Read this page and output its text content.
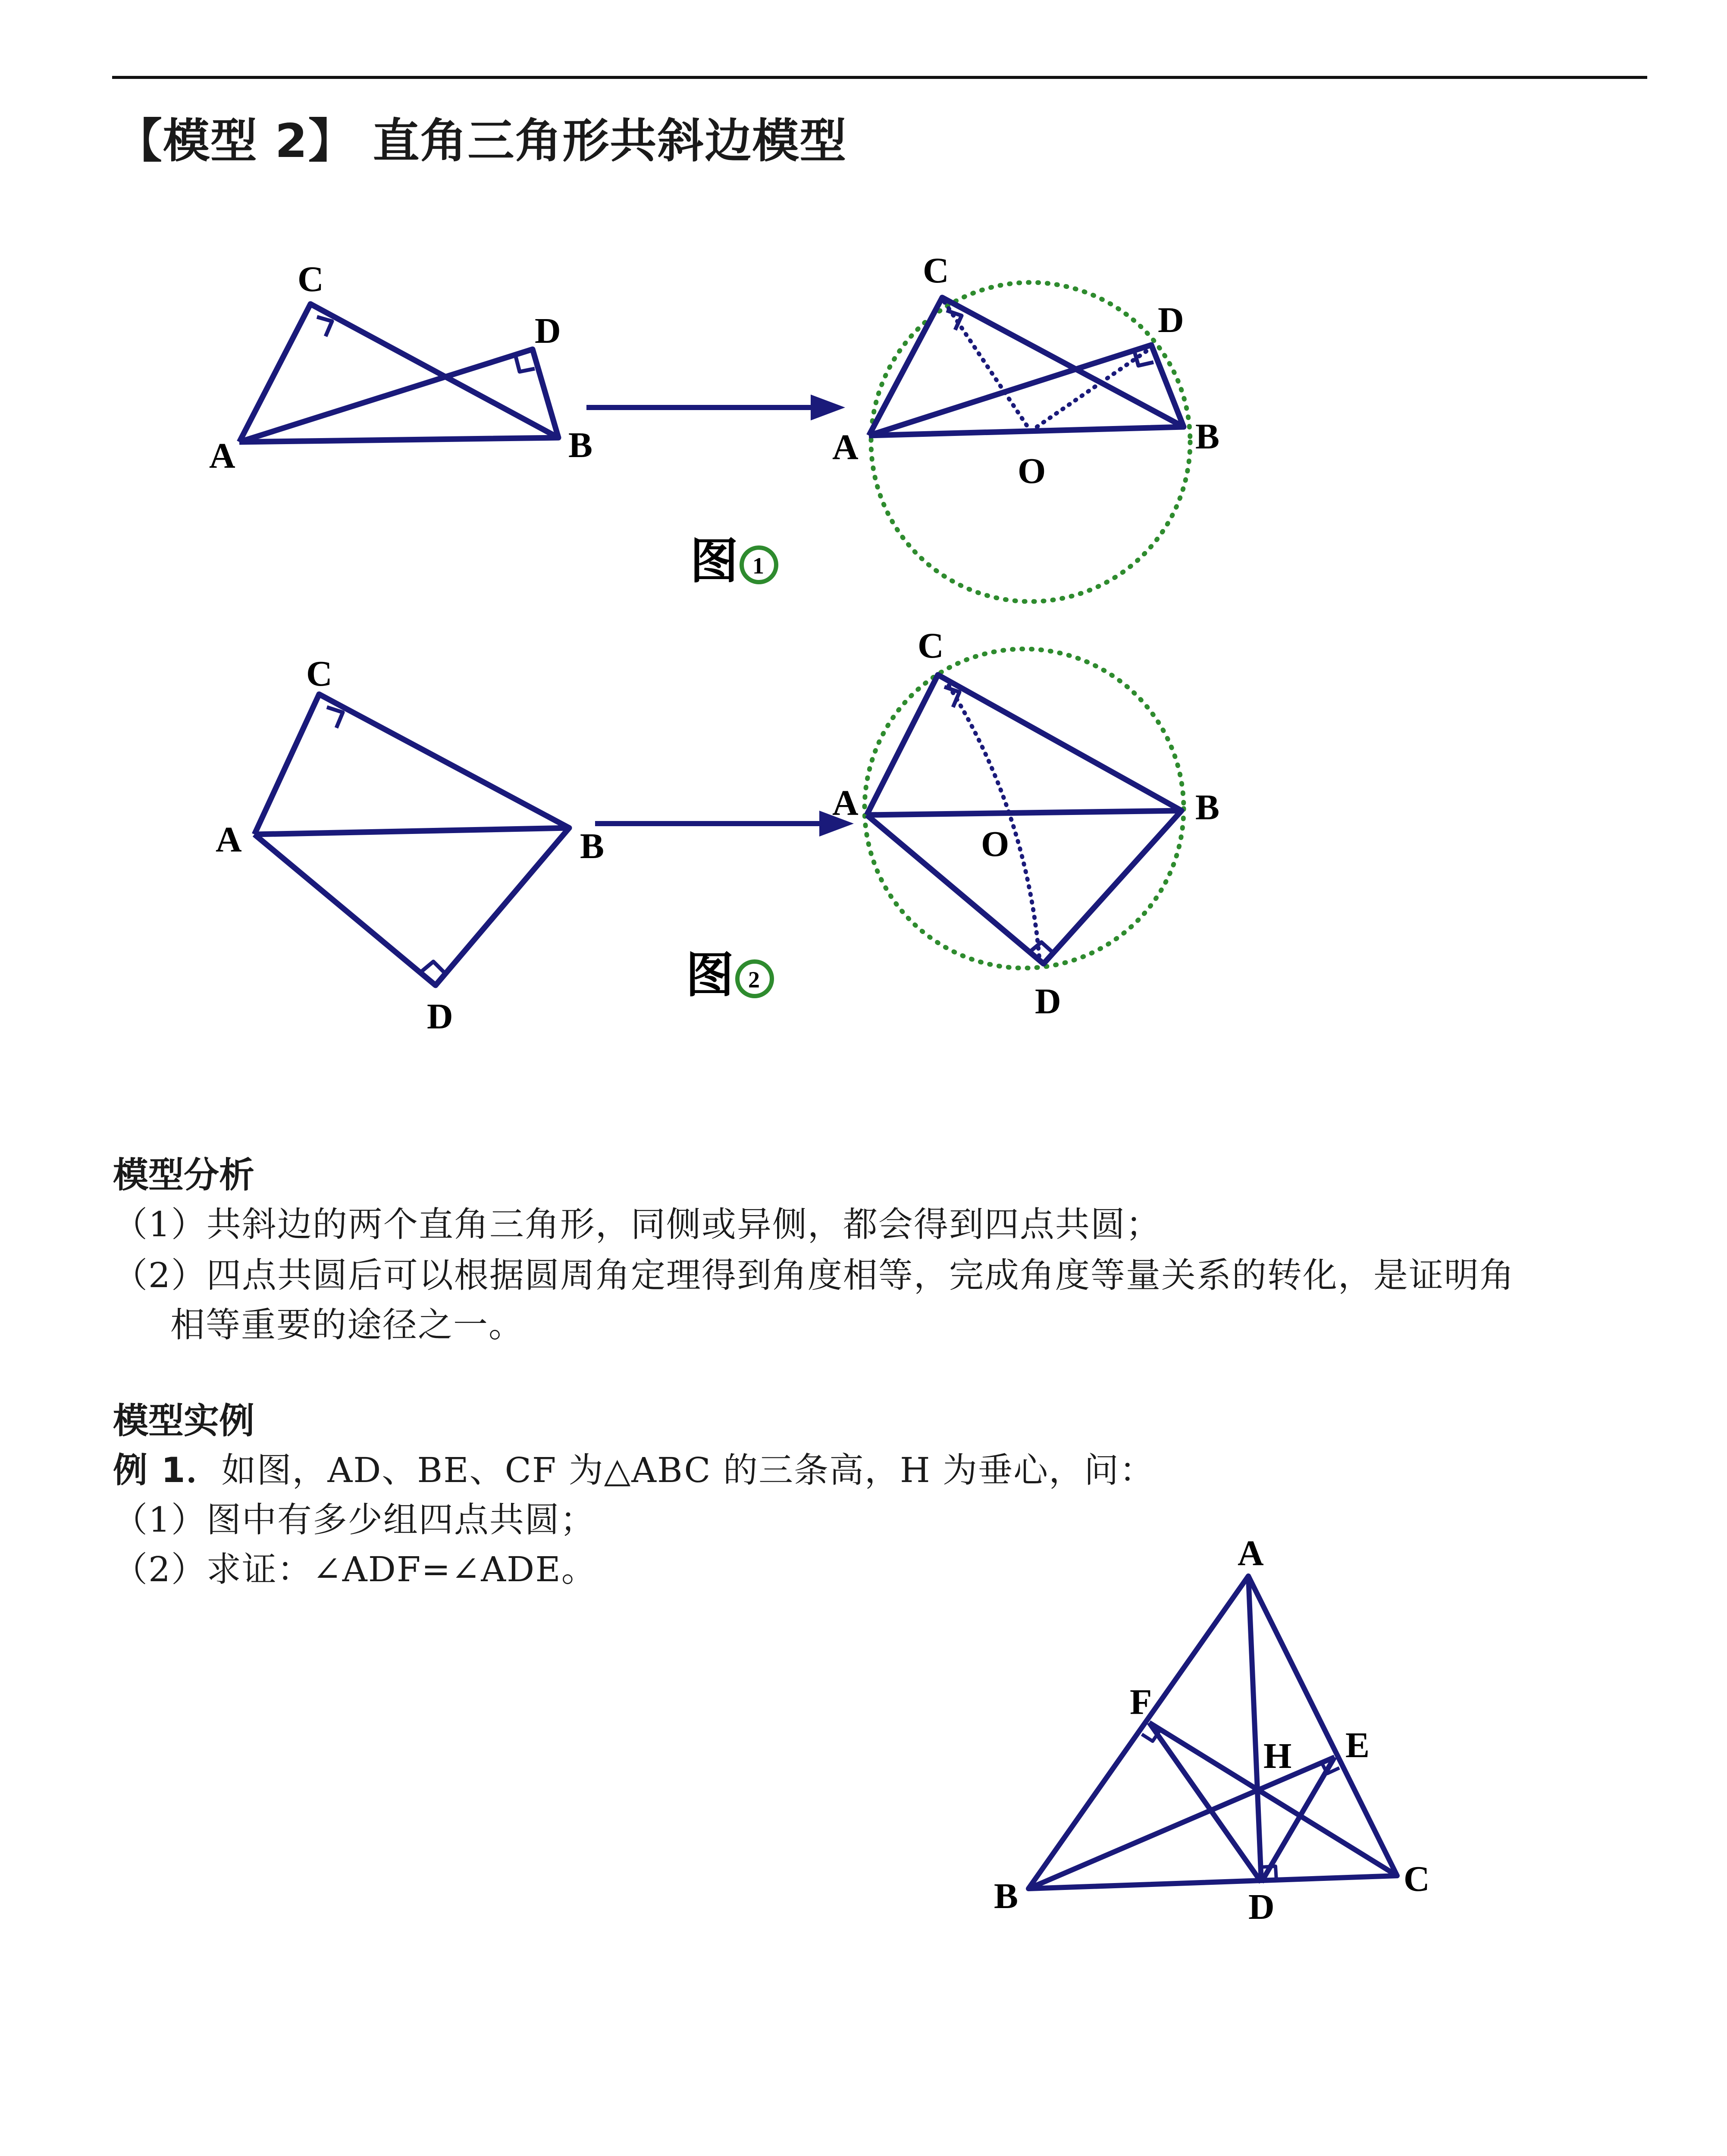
【模型 2】 直角三角形共斜边模型
C
D
A	B
C
D
A	B
O
图 1
C
A	B
D
C
A	B
O
D
图 2
A
F
E
H
B	C
D
模型分析
（1）共斜边的两个直角三角形，同侧或异侧，都会得到四点共圆；
（2）四点共圆后可以根据圆周角定理得到角度相等，完成角度等量关系的转化，是证明角
相等重要的途径之一。
模型实例
例 1．如图，AD、BE、CF 为△ABC 的三条高，H 为垂心，问：
（1）图中有多少组四点共圆；
（2）求证：∠ADF=∠ADE。
